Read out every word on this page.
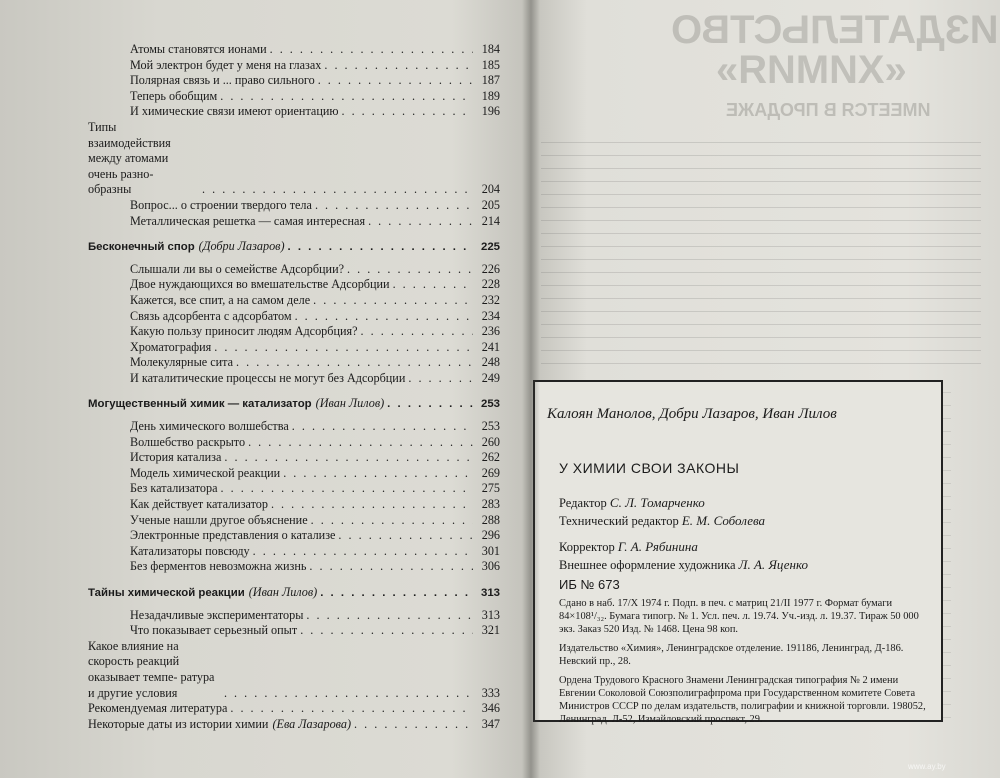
Атомы становятся ионами . . .	184
Мой электрон будет у меня на глазах . . .	185
Полярная связь и ... право сильного . . .	187
Теперь обобщим . . .	189
И химические связи имеют ориентацию . . .	196
Типы взаимодействия между атомами очень разно- образны . . .	204
Вопрос... о строении твердого тела . . .	205
Металлическая решетка — самая интересная . . .	214
Бесконечный спор (Добри Лазаров) . . .	225
Слышали ли вы о семействе Адсорбции? . . .	226
Двое нуждающихся во вмешательстве Адсорбции . . .	228
Кажется, все спит, а на самом деле . . .	232
Связь адсорбента с адсорбатом . . .	234
Какую пользу приносит людям Адсорбция? . . .	236
Хроматография . . .	241
Молекулярные сита . . .	248
И каталитические процессы не могут без Адсорбции . . .	249
Могущественный химик — катализатор (Иван Лилов) . . .	253
День химического волшебства . . .	253
Волшебство раскрыто . . .	260
История катализа . . .	262
Модель химической реакции . . .	269
Без катализатора . . .	275
Как действует катализатор . . .	283
Ученые нашли другое объяснение . . .	288
Электронные представления о катализе . . .	296
Катализаторы повсюду . . .	301
Без ферментов невозможна жизнь . . .	306
Тайны химической реакции (Иван Лилов) . . .	313
Незадачливые экспериментаторы . . .	313
Что показывает серьезный опыт . . .	321
Какое влияние на скорость реакций оказывает темпе- ратура и другие условия . . .	333
Рекомендуемая литература . . .	346
Некоторые даты из истории химии (Ева Лазарова) . . .	347
ИЗДАТЕЛЬСТВО
«ХИМИЯ»
ИМЕЕТСЯ В ПРОДАЖЕ
Калоян Манолов, Добри Лазаров, Иван Лилов
У ХИМИИ СВОИ ЗАКОНЫ
Редактор С. Л. Томарченко
Технический редактор Е. М. Соболева
Корректор Г. А. Рябинина
Внешнее оформление художника Л. А. Яценко
ИБ № 673

Сдано в наб. 17/X 1974 г. Подп. в печ. с матриц 21/II 1977 г. Формат бумаги 84×108¹/₃₂. Бумага типогр. № 1. Усл. печ. л. 19.74. Уч.-изд. л. 19.37. Тираж 50 000 экз. Заказ 520 Изд. № 1468. Цена 98 коп.

Издательство «Химия», Ленинградское отделение. 191186, Ленинград, Д-186. Невский пр., 28.

Ордена Трудового Красного Знамени Ленинградская типография № 2 имени Евгении Соколовой Союзполиграфпрома при Государственном комитете Совета Министров СССР по делам издательств, полиграфии и книжной торговли. 198052, Ленинград. Л-52, Измайловский проспект, 29.

www.ay.by
